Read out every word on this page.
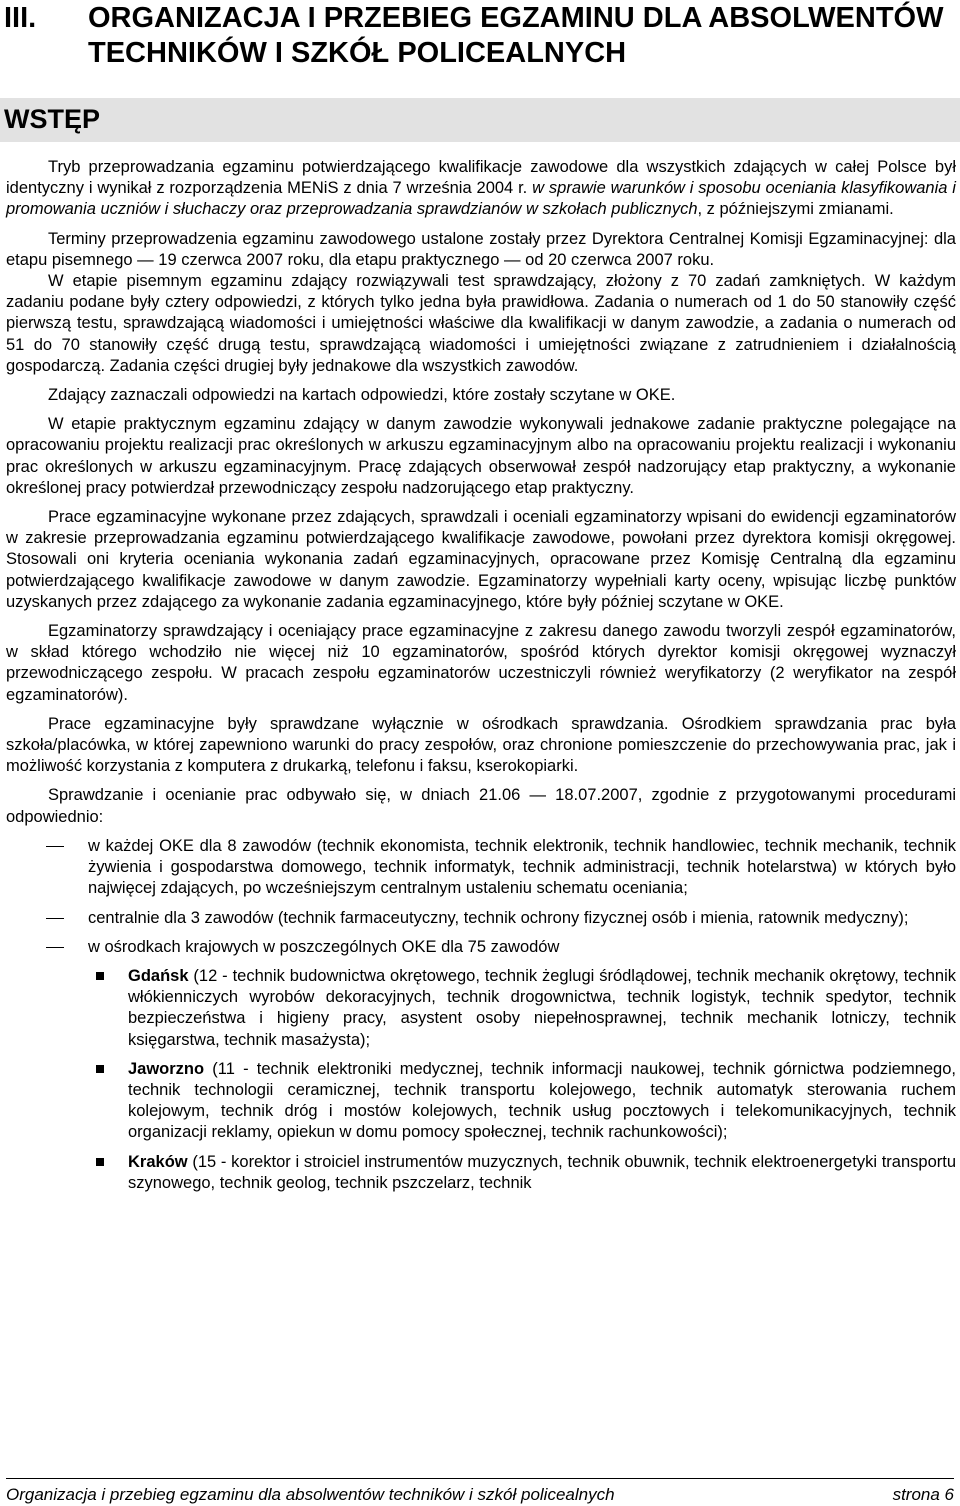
III. ORGANIZACJA I PRZEBIEG EGZAMINU DLA ABSOLWENTÓW TECHNIKÓW I SZKÓŁ POLICEALNYCH
WSTĘP

Tryb przeprowadzania egzaminu potwierdzającego kwalifikacje zawodowe dla wszystkich zdających w całej Polsce był identyczny i wynikał z rozporządzenia MENiS z dnia 7 września 2004 r. w sprawie warunków i sposobu oceniania klasyfikowania i promowania uczniów i słuchaczy oraz przeprowadzania sprawdzianów w szkołach publicznych, z późniejszymi zmianami.

Terminy przeprowadzenia egzaminu zawodowego ustalone zostały przez Dyrektora Centralnej Komisji Egzaminacyjnej: dla etapu pisemnego — 19 czerwca 2007 roku, dla etapu praktycznego — od 20 czerwca 2007 roku.

W etapie pisemnym egzaminu zdający rozwiązywali test sprawdzający, złożony z 70 zadań zamkniętych. W każdym zadaniu podane były cztery odpowiedzi, z których tylko jedna była prawidłowa. Zadania o numerach od 1 do 50 stanowiły część pierwszą testu, sprawdzającą wiadomości i umiejętności właściwe dla kwalifikacji w danym zawodzie, a zadania o numerach od 51 do 70 stanowiły część drugą testu, sprawdzającą wiadomości i umiejętności związane z zatrudnieniem i działalnością gospodarczą. Zadania części drugiej były jednakowe dla wszystkich zawodów.

Zdający zaznaczali odpowiedzi na kartach odpowiedzi, które zostały sczytane w OKE.

W etapie praktycznym egzaminu zdający w danym zawodzie wykonywali jednakowe zadanie praktyczne polegające na opracowaniu projektu realizacji prac określonych w arkuszu egzaminacyjnym albo na opracowaniu projektu realizacji i wykonaniu prac określonych w arkuszu egzaminacyjnym. Pracę zdających obserwował zespół nadzorujący etap praktyczny, a wykonanie określonej pracy potwierdzał przewodniczący zespołu nadzorującego etap praktyczny.

Prace egzaminacyjne wykonane przez zdających, sprawdzali i oceniali egzaminatorzy wpisani do ewidencji egzaminatorów w zakresie przeprowadzania egzaminu potwierdzającego kwalifikacje zawodowe, powołani przez dyrektora komisji okręgowej. Stosowali oni kryteria oceniania wykonania zadań egzaminacyjnych, opracowane przez Komisję Centralną dla egzaminu potwierdzającego kwalifikacje zawodowe w danym zawodzie. Egzaminatorzy wypełniali karty oceny, wpisując liczbę punktów uzyskanych przez zdającego za wykonanie zadania egzaminacyjnego, które były później sczytane w OKE.

Egzaminatorzy sprawdzający i oceniający prace egzaminacyjne z zakresu danego zawodu tworzyli zespół egzaminatorów, w skład którego wchodziło nie więcej niż 10 egzaminatorów, spośród których dyrektor komisji okręgowej wyznaczył przewodniczącego zespołu. W pracach zespołu egzaminatorów uczestniczyli również weryfikatorzy (2 weryfikator na zespół egzaminatorów).

Prace egzaminacyjne były sprawdzane wyłącznie w ośrodkach sprawdzania. Ośrodkiem sprawdzania prac była szkoła/placówka, w której zapewniono warunki do pracy zespołów, oraz chronione pomieszczenie do przechowywania prac, jak i możliwość korzystania z komputera z drukarką, telefonu i faksu, kserokopiarki.

Sprawdzanie i ocenianie prac odbywało się, w dniach 21.06 — 18.07.2007, zgodnie z przygotowanymi procedurami odpowiednio:

w każdej OKE dla 8 zawodów (technik ekonomista, technik elektronik, technik handlowiec, technik mechanik, technik żywienia i gospodarstwa domowego, technik informatyk, technik administracji, technik hotelarstwa) w których było najwięcej zdających, po wcześniejszym centralnym ustaleniu schematu oceniania;
centralnie dla 3 zawodów (technik farmaceutyczny, technik ochrony fizycznej osób i mienia, ratownik medyczny);
w ośrodkach krajowych w poszczególnych OKE dla 75 zawodów
Gdańsk (12 - technik budownictwa okrętowego, technik żeglugi śródlądowej, technik mechanik okrętowy, technik włókienniczych wyrobów dekoracyjnych, technik drogownictwa, technik logistyk, technik spedytor, technik bezpieczeństwa i higieny pracy, asystent osoby niepełnosprawnej, technik mechanik lotniczy, technik księgarstwa, technik masażysta);
Jaworzno (11 - technik elektroniki medycznej, technik informacji naukowej, technik górnictwa podziemnego, technik technologii ceramicznej, technik transportu kolejowego, technik automatyk sterowania ruchem kolejowym, technik dróg i mostów kolejowych, technik usług pocztowych i telekomunikacyjnych, technik organizacji reklamy, opiekun w domu pomocy społecznej, technik rachunkowości);
Kraków (15 - korektor i stroiciel instrumentów muzycznych, technik obuwnik, technik elektroenergetyki transportu szynowego, technik geolog, technik pszczelarz, technik
Organizacja i przebieg egzaminu dla absolwentów techników i szkół policealnych	strona 6
